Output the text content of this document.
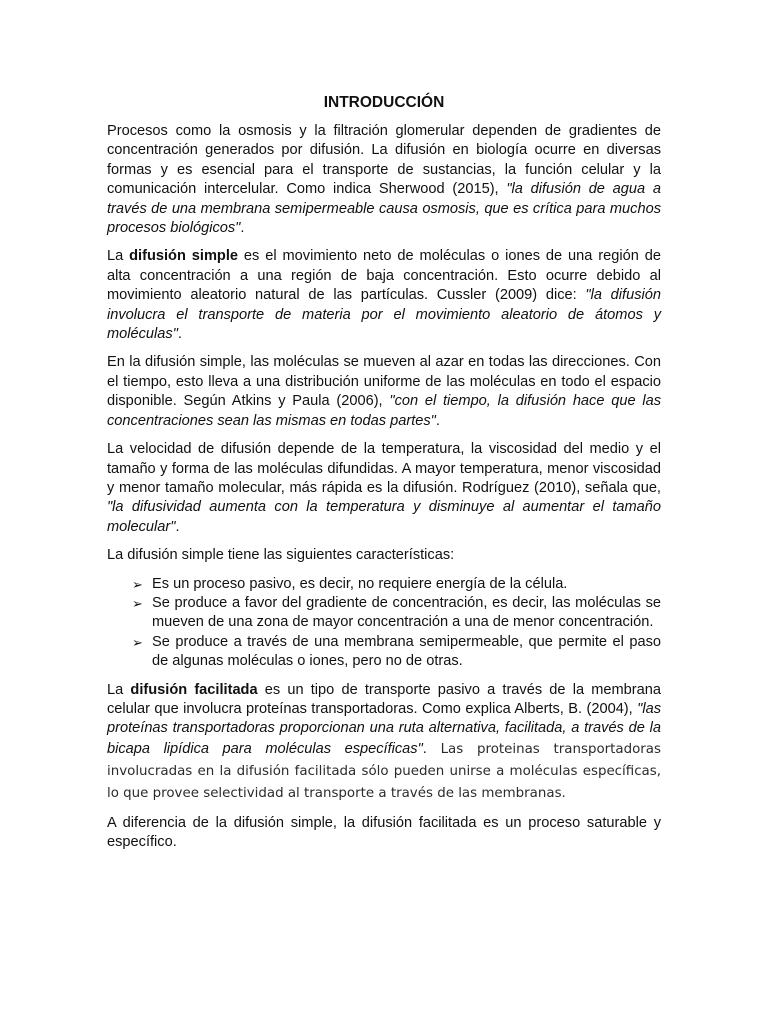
INTRODUCCIÓN

Procesos como la osmosis y la filtración glomerular dependen de gradientes de concentración generados por difusión. La difusión en biología ocurre en diversas formas y es esencial para el transporte de sustancias, la función celular y la comunicación intercelular. Como indica Sherwood (2015), "la difusión de agua a través de una membrana semipermeable causa osmosis, que es crítica para muchos procesos biológicos".

La difusión simple es el movimiento neto de moléculas o iones de una región de alta concentración a una región de baja concentración. Esto ocurre debido al movimiento aleatorio natural de las partículas. Cussler (2009) dice: "la difusión involucra el transporte de materia por el movimiento aleatorio de átomos y moléculas".

En la difusión simple, las moléculas se mueven al azar en todas las direcciones. Con el tiempo, esto lleva a una distribución uniforme de las moléculas en todo el espacio disponible. Según Atkins y Paula (2006), "con el tiempo, la difusión hace que las concentraciones sean las mismas en todas partes".

La velocidad de difusión depende de la temperatura, la viscosidad del medio y el tamaño y forma de las moléculas difundidas. A mayor temperatura, menor viscosidad y menor tamaño molecular, más rápida es la difusión. Rodríguez (2010), señala que, "la difusividad aumenta con la temperatura y disminuye al aumentar el tamaño molecular".

La difusión simple tiene las siguientes características:

➢ Es un proceso pasivo, es decir, no requiere energía de la célula.
➢ Se produce a favor del gradiente de concentración, es decir, las moléculas se mueven de una zona de mayor concentración a una de menor concentración.
➢ Se produce a través de una membrana semipermeable, que permite el paso de algunas moléculas o iones, pero no de otras.

La difusión facilitada es un tipo de transporte pasivo a través de la membrana celular que involucra proteínas transportadoras. Como explica Alberts, B. (2004), "las proteínas transportadoras proporcionan una ruta alternativa, facilitada, a través de la bicapa lipídica para moléculas específicas". Las proteinas transportadoras involucradas en la difusión facilitada sólo pueden unirse a moléculas específicas, lo que provee selectividad al transporte a través de las membranas.

A diferencia de la difusión simple, la difusión facilitada es un proceso saturable y específico.
